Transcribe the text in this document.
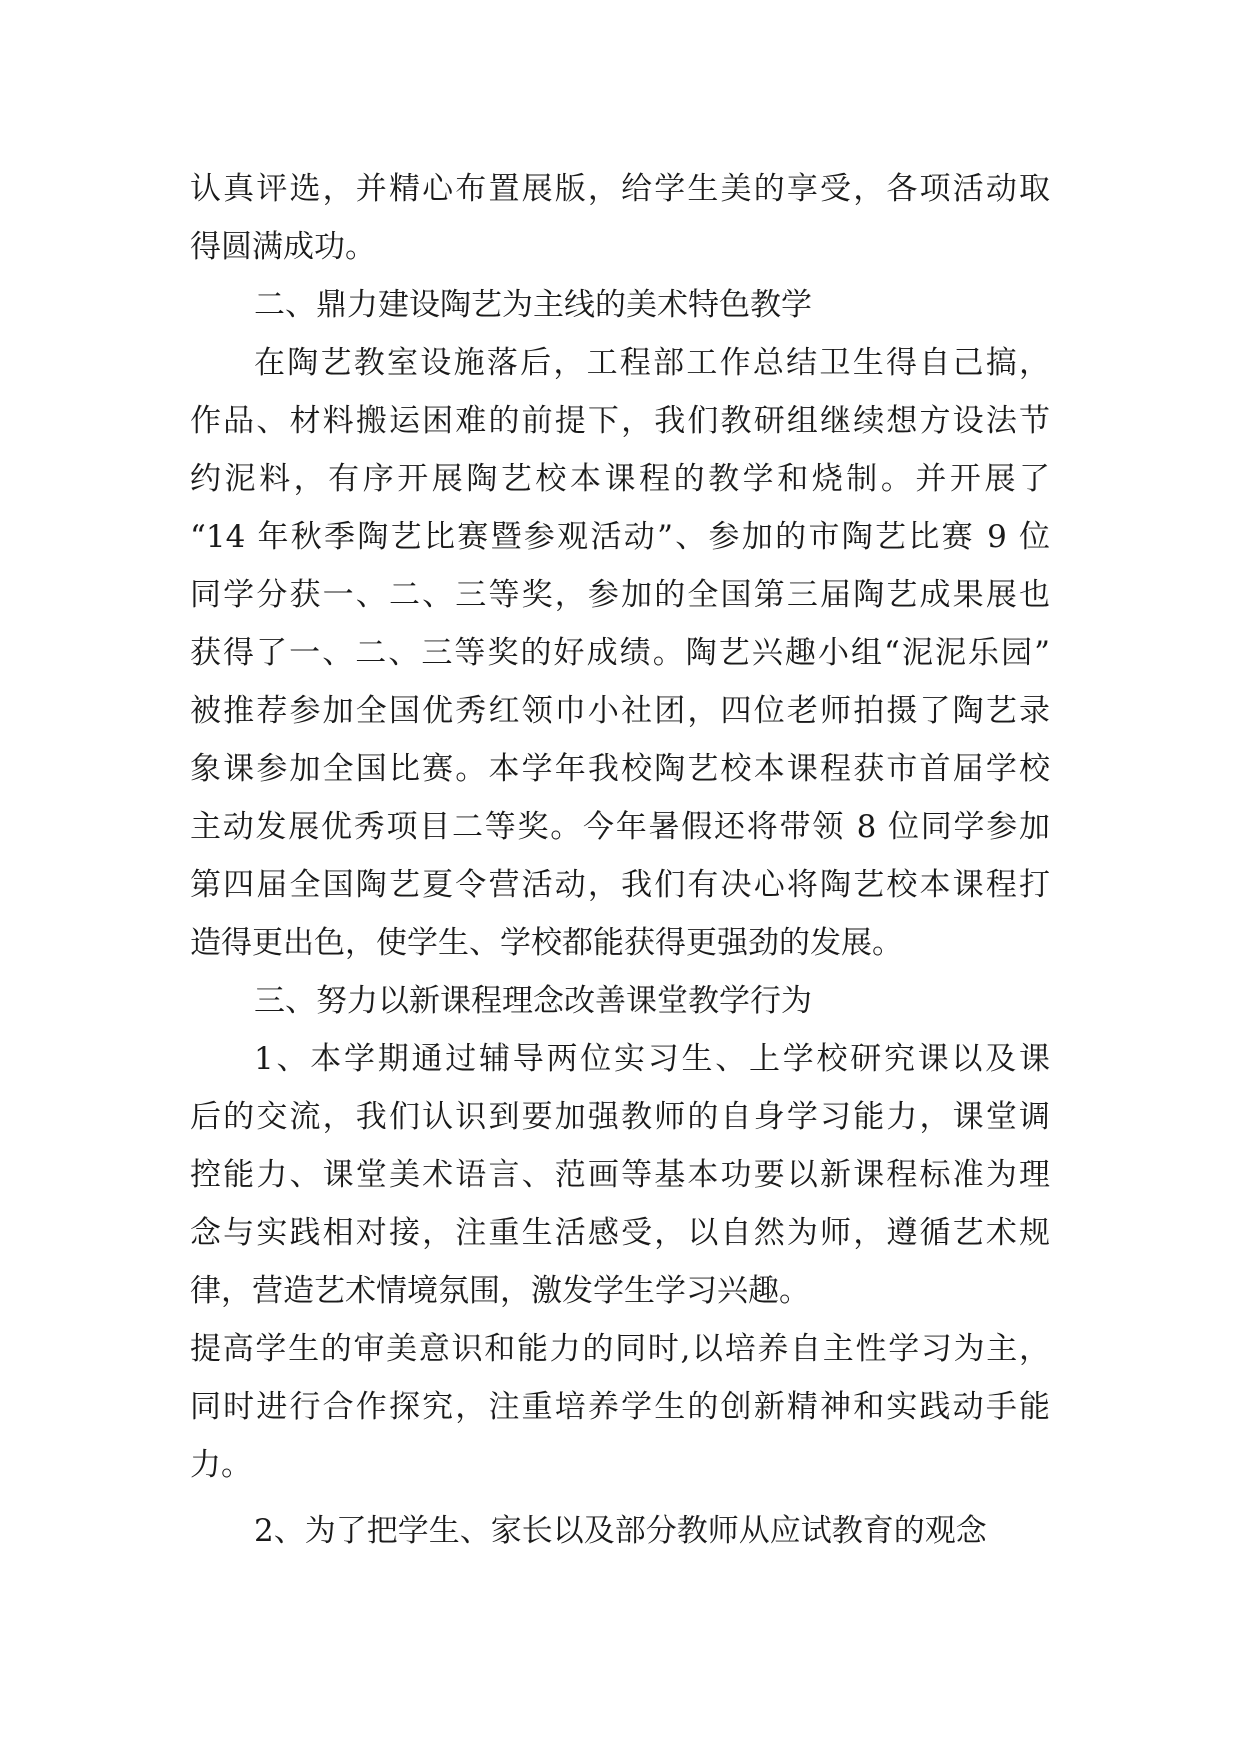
认真评选，并精心布置展版，给学生美的享受，各项活动取
得圆满成功。
二、鼎力建设陶艺为主线的美术特色教学
在陶艺教室设施落后，工程部工作总结卫生得自己搞，
作品、材料搬运困难的前提下，我们教研组继续想方设法节
约泥料，有序开展陶艺校本课程的教学和烧制。并开展了
“14 年秋季陶艺比赛暨参观活动”、参加的市陶艺比赛 9 位
同学分获一、二、三等奖，参加的全国第三届陶艺成果展也
获得了一、二、三等奖的好成绩。陶艺兴趣小组“泥泥乐园”
被推荐参加全国优秀红领巾小社团，四位老师拍摄了陶艺录
象课参加全国比赛。本学年我校陶艺校本课程获市首届学校
主动发展优秀项目二等奖。今年暑假还将带领 8 位同学参加
第四届全国陶艺夏令营活动，我们有决心将陶艺校本课程打
造得更出色，使学生、学校都能获得更强劲的发展。
三、努力以新课程理念改善课堂教学行为
1、本学期通过辅导两位实习生、上学校研究课以及课
后的交流，我们认识到要加强教师的自身学习能力，课堂调
控能力、课堂美术语言、范画等基本功要以新课程标准为理
念与实践相对接，注重生活感受，以自然为师，遵循艺术规
律，营造艺术情境氛围，激发学生学习兴趣。
提高学生的审美意识和能力的同时,以培养自主性学习为主，
同时进行合作探究，注重培养学生的创新精神和实践动手能
力。
2、为了把学生、家长以及部分教师从应试教育的观念
